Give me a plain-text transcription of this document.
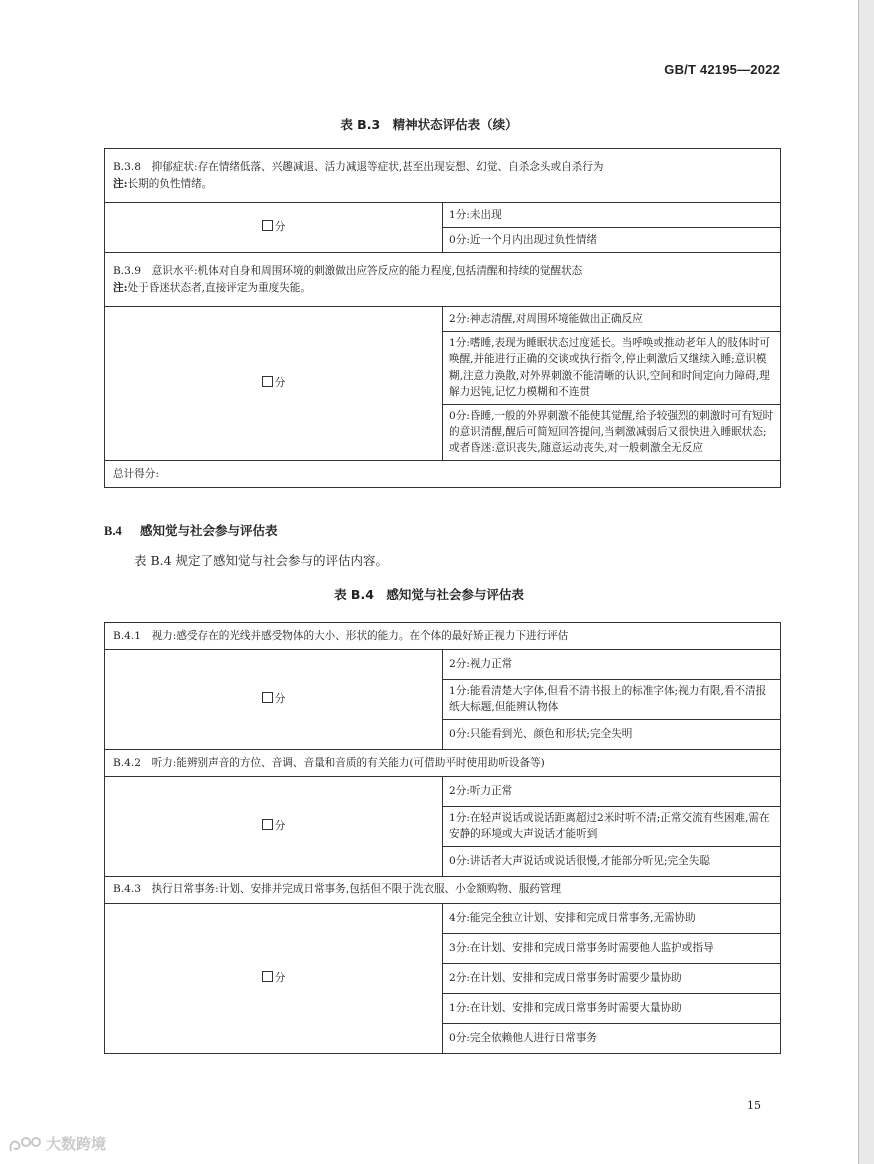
GB/T 42195—2022
表 B.3　精神状态评估表（续）
B.3.8　抑郁症状:存在情绪低落、兴趣减退、活力减退等症状,甚至出现妄想、幻觉、自杀念头或自杀行为
注:长期的负性情绪。	

分	1分:未出现
	0分:近一个月内出现过负性情绪

B.3.9　意识水平:机体对自身和周围环境的刺激做出应答反应的能力程度,包括清醒和持续的觉醒状态
注:处于昏迷状态者,直接评定为重度失能。	

分	2分:神志清醒,对周围环境能做出正确反应
	1分:嗜睡,表现为睡眠状态过度延长。当呼唤或推动老年人的肢体时可唤醒,并能进行正确的交谈或执行指令,停止刺激后又继续入睡;意识模糊,注意力涣散,对外界刺激不能清晰的认识,空间和时间定向力障碍,理解力迟钝,记忆力模糊和不连贯
	0分:昏睡,一般的外界刺激不能使其觉醒,给予较强烈的刺激时可有短时的意识清醒,醒后可简短回答提问,当刺激减弱后又很快进入睡眠状态;或者昏迷:意识丧失,随意运动丧失,对一般刺激全无反应
总计得分:	
B.4 感知觉与社会参与评估表
表 B.4 规定了感知觉与社会参与的评估内容。
表 B.4　感知觉与社会参与评估表
B.4.1　视力:感受存在的光线并感受物体的大小、形状的能力。在个体的最好矫正视力下进行评估	
分	2分:视力正常
	1分:能看清楚大字体,但看不清书报上的标准字体;视力有限,看不清报纸大标题,但能辨认物体
	0分:只能看到光、颜色和形状;完全失明
B.4.2　听力:能辨别声音的方位、音调、音量和音质的有关能力(可借助平时使用助听设备等)	
分	2分:听力正常
	1分:在轻声说话或说话距离超过2米时听不清;正常交流有些困难,需在安静的环境或大声说话才能听到
	0分:讲话者大声说话或说话很慢,才能部分听见;完全失聪
B.4.3　执行日常事务:计划、安排并完成日常事务,包括但不限于洗衣服、小金额购物、服药管理	
分	4分:能完全独立计划、安排和完成日常事务,无需协助
	3分:在计划、安排和完成日常事务时需要他人监护或指导
	2分:在计划、安排和完成日常事务时需要少量协助
	1分:在计划、安排和完成日常事务时需要大量协助
	0分:完全依赖他人进行日常事务
15
大数跨境
